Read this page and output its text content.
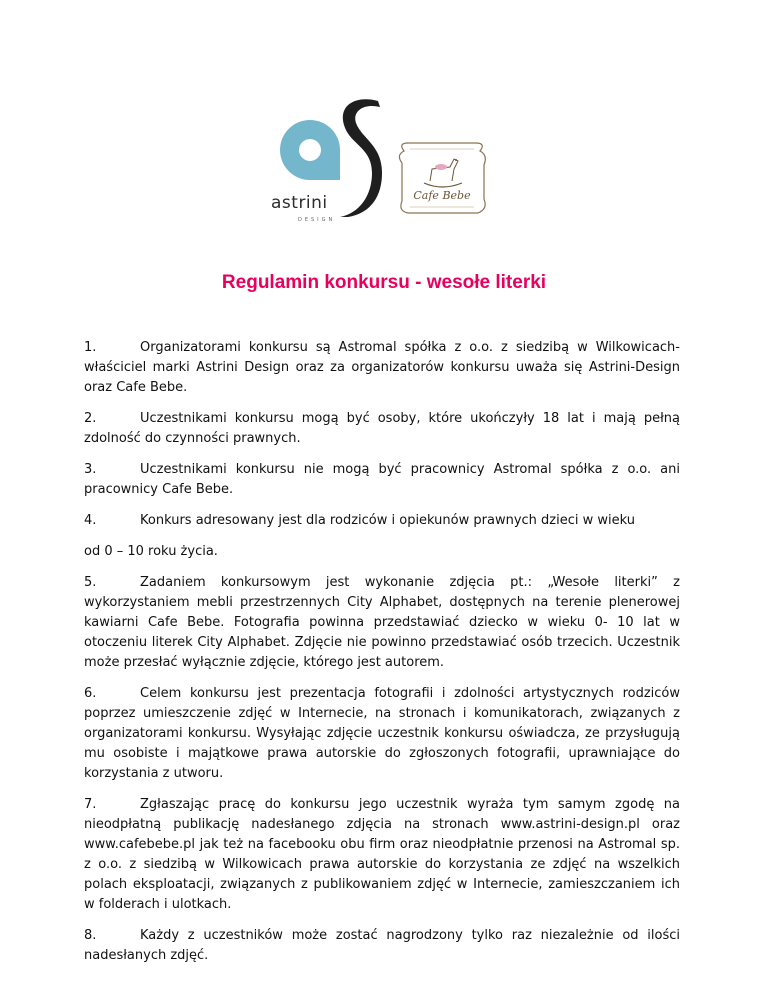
astrini
DESIGN
Cafe Bebe
Regulamin konkursu - wesołe literki

1.	Organizatorami konkursu są Astromal spółka z o.o. z siedzibą w Wilkowicach-właściciel marki Astrini Design oraz za organizatorów konkursu uważa się Astrini-Design oraz Cafe Bebe.

2.	Uczestnikami konkursu mogą być osoby, które ukończyły 18 lat i mają pełną zdolność do czynności prawnych.

3.	Uczestnikami konkursu nie mogą być pracownicy Astromal spółka z o.o. ani pracownicy Cafe Bebe.

4.	Konkurs adresowany jest dla rodziców i opiekunów prawnych dzieci w wieku

od 0 – 10 roku życia.

5.	Zadaniem konkursowym jest wykonanie zdjęcia pt.: „Wesołe literki” z wykorzystaniem mebli przestrzennych City Alphabet, dostępnych na terenie plenerowej kawiarni Cafe Bebe. Fotografia powinna przedstawiać dziecko w wieku 0- 10 lat w otoczeniu literek City Alphabet. Zdjęcie nie powinno przedstawiać osób trzecich. Uczestnik może przesłać wyłącznie zdjęcie, którego jest autorem.

6.	Celem konkursu jest prezentacja fotografii i zdolności artystycznych rodziców poprzez umieszczenie zdjęć w Internecie, na stronach i komunikatorach, związanych z organizatorami konkursu. Wysyłając zdjęcie uczestnik konkursu oświadcza, ze przysługują mu osobiste i majątkowe prawa autorskie do zgłoszonych fotografii, uprawniające do korzystania z utworu.

7.	Zgłaszając pracę do konkursu jego uczestnik wyraża tym samym zgodę na nieodpłatną publikację nadesłanego zdjęcia na stronach www.astrini-design.pl oraz www.cafebebe.pl jak też na facebooku obu firm oraz nieodpłatnie przenosi na Astromal sp. z o.o. z siedzibą w Wilkowicach prawa autorskie do korzystania ze zdjęć na wszelkich polach eksploatacji, związanych z publikowaniem zdjęć w Internecie, zamieszczaniem ich w folderach i ulotkach.

8.	Każdy z uczestników może zostać nagrodzony tylko raz niezależnie od ilości nadesłanych zdjęć.
